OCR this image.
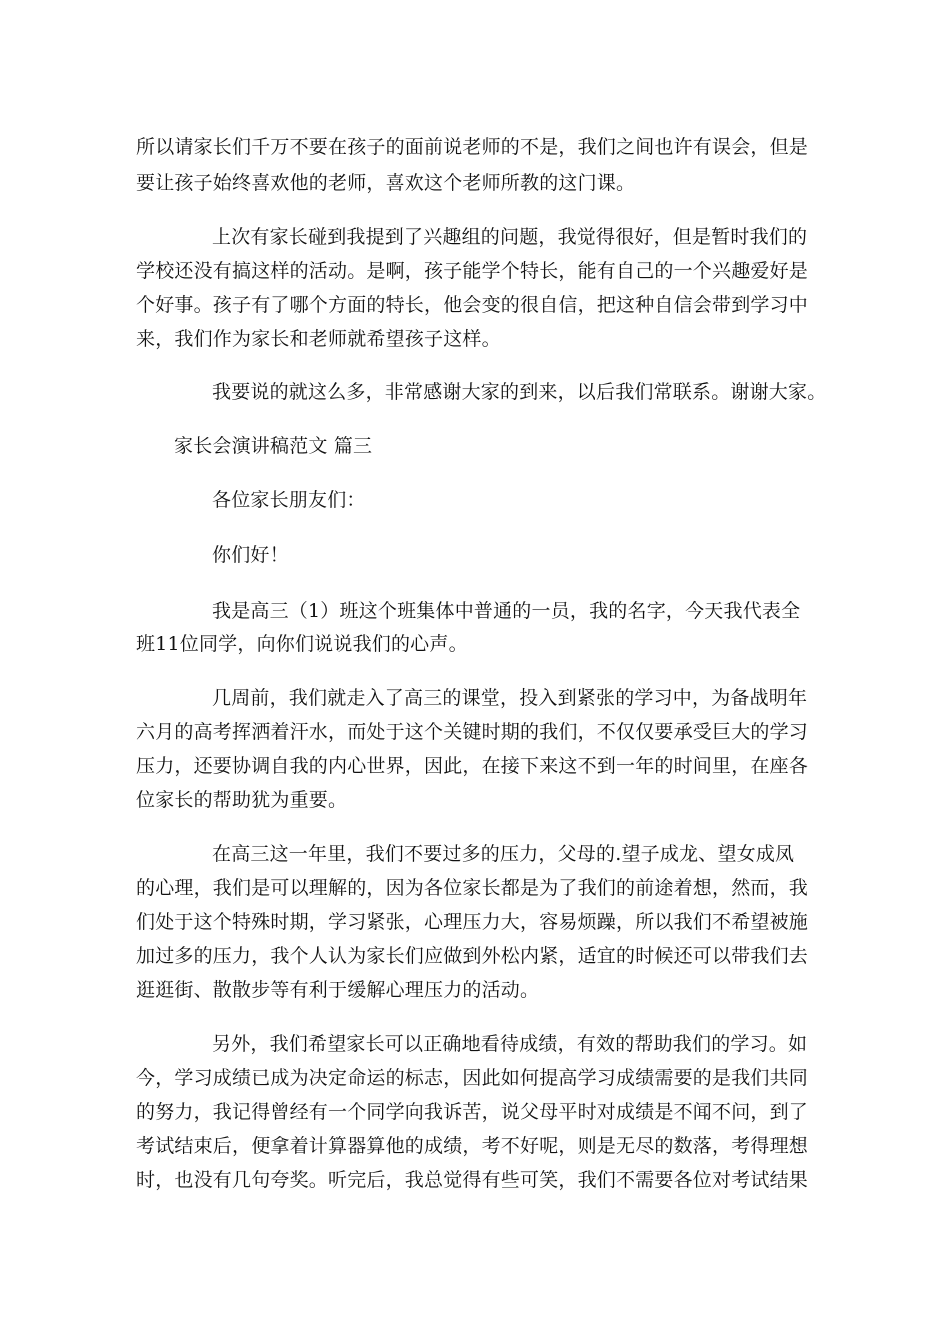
所以请家长们千万不要在孩子的面前说老师的不是，我们之间也许有误会，但是
要让孩子始终喜欢他的老师，喜欢这个老师所教的这门课。
上次有家长碰到我提到了兴趣组的问题，我觉得很好，但是暂时我们的
学校还没有搞这样的活动。是啊，孩子能学个特长，能有自己的一个兴趣爱好是
个好事。孩子有了哪个方面的特长，他会变的很自信，把这种自信会带到学习中
来，我们作为家长和老师就希望孩子这样。
我要说的就这么多，非常感谢大家的到来，以后我们常联系。谢谢大家。
家长会演讲稿范文 篇三
各位家长朋友们：
你们好！
我是高三（1）班这个班集体中普通的一员，我的名字，今天我代表全
班11位同学，向你们说说我们的心声。
几周前，我们就走入了高三的课堂，投入到紧张的学习中，为备战明年
六月的高考挥洒着汗水，而处于这个关键时期的我们，不仅仅要承受巨大的学习
压力，还要协调自我的内心世界，因此，在接下来这不到一年的时间里，在座各
位家长的帮助犹为重要。
在高三这一年里，我们不要过多的压力，父母的.望子成龙、望女成凤
的心理，我们是可以理解的，因为各位家长都是为了我们的前途着想，然而，我
们处于这个特殊时期，学习紧张，心理压力大，容易烦躁，所以我们不希望被施
加过多的压力，我个人认为家长们应做到外松内紧，适宜的时候还可以带我们去
逛逛街、散散步等有利于缓解心理压力的活动。
另外，我们希望家长可以正确地看待成绩，有效的帮助我们的学习。如
今，学习成绩已成为决定命运的标志，因此如何提高学习成绩需要的是我们共同
的努力，我记得曾经有一个同学向我诉苦，说父母平时对成绩是不闻不问，到了
考试结束后，便拿着计算器算他的成绩，考不好呢，则是无尽的数落，考得理想
时，也没有几句夸奖。听完后，我总觉得有些可笑，我们不需要各位对考试结果
